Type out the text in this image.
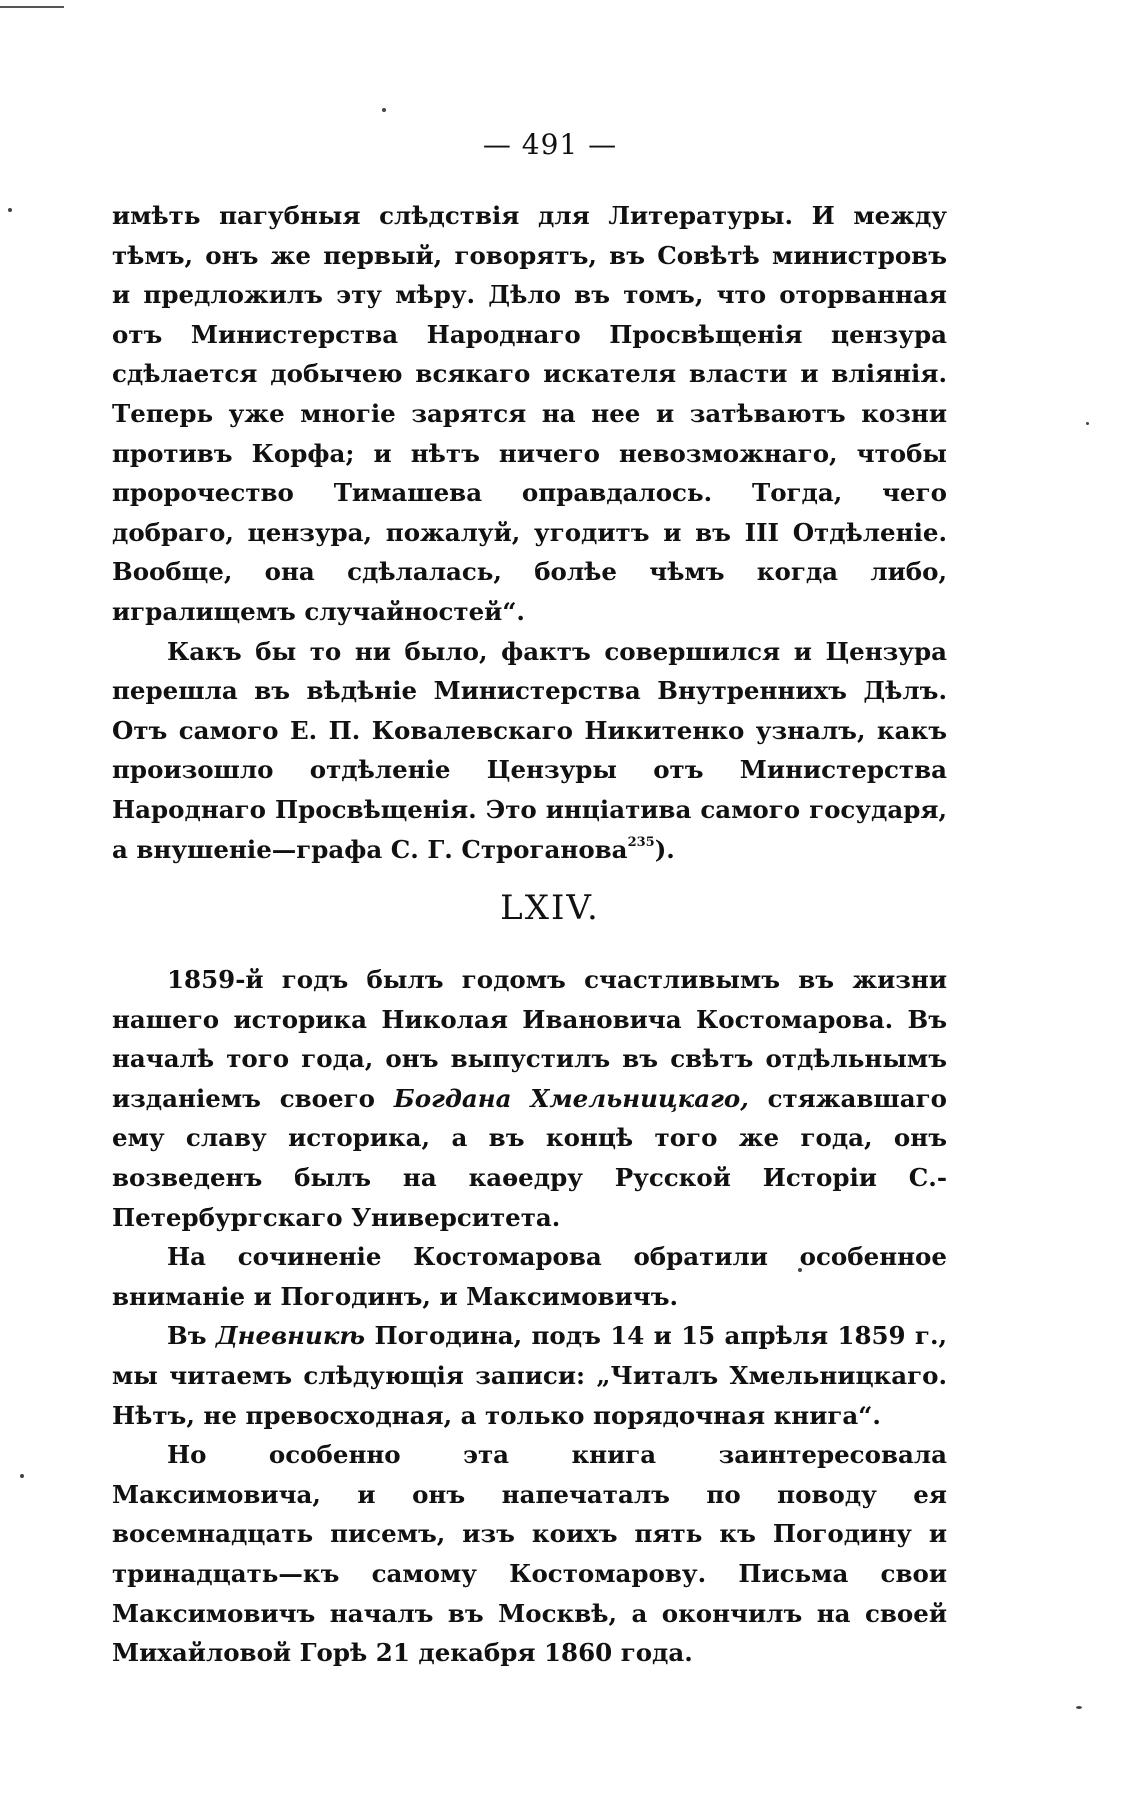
— 491 —

имѣть пагубныя слѣдствія для Литературы. И между тѣмъ, онъ же первый, говорятъ, въ Совѣтѣ министровъ и предложилъ эту мѣру. Дѣло въ томъ, что оторванная отъ Министерства Народнаго Просвѣщенія цензура сдѣлается добычею всякаго искателя власти и вліянія. Теперь уже многіе зарятся на нее и затѣваютъ козни противъ Корфа; и нѣтъ ничего невозможнаго, чтобы пророчество Тимашева оправдалось. Тогда, чего добраго, цензура, пожалуй, угодитъ и въ III Отдѣленіе. Вообще, она сдѣлалась, болѣе чѣмъ когда либо, игралищемъ случайностей“.

Какъ бы то ни было, фактъ совершился и Цензура перешла въ вѣдѣніе Министерства Внутреннихъ Дѣлъ. Отъ самого Е. П. Ковалевскаго Никитенко узналъ, какъ произошло отдѣленіе Цензуры отъ Министерства Народнаго Просвѣщенія. Это инціатива самого государя, а внушеніе—графа С. Г. Строганова$^{235}$).

LXIV.

1859-й годъ былъ годомъ счастливымъ въ жизни нашего историка Николая Ивановича Костомарова. Въ началѣ того года, онъ выпустилъ въ свѣтъ отдѣльнымъ изданіемъ своего Богдана Хмельницкаго, стяжавшаго ему славу историка, а въ концѣ того же года, онъ возведенъ былъ на каѳедру Русской Исторіи С.-Петербургскаго Университета.

На сочиненіе Костомарова обратили особенное вниманіе и Погодинъ, и Максимовичъ.

Въ Дневникѣ Погодина, подъ 14 и 15 апрѣля 1859 г., мы читаемъ слѣдующія записи: „Читалъ Хмельницкаго. Нѣтъ, не превосходная, а только порядочная книга“.

Но особенно эта книга заинтересовала Максимовича, и онъ напечаталъ по поводу ея восемнадцать писемъ, изъ коихъ пять къ Погодину и тринадцать—къ самому Костомарову. Письма свои Максимовичъ началъ въ Москвѣ, а окончилъ на своей Михайловой Горѣ 21 декабря 1860 года.
